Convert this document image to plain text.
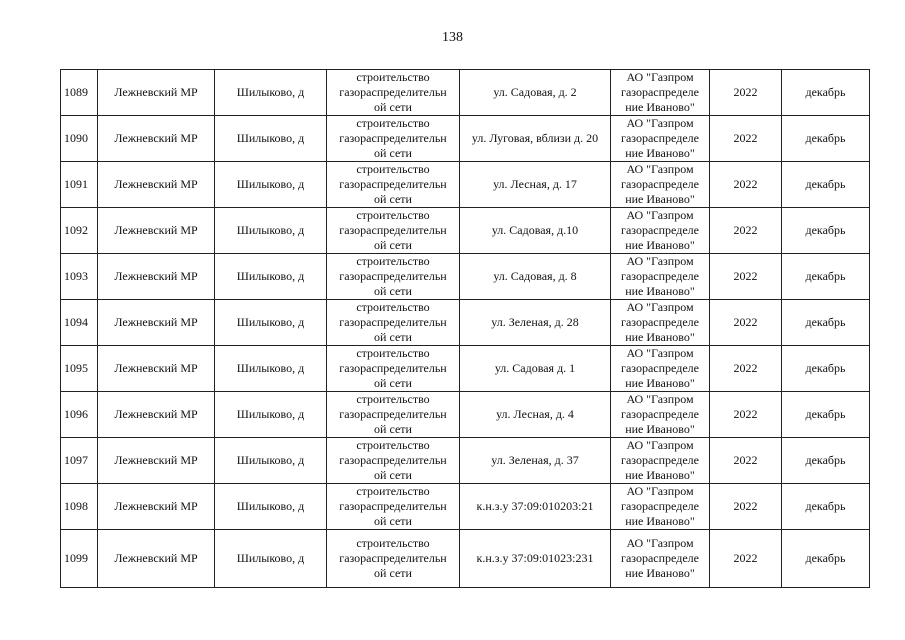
138
1089	Лежневский МР	Шилыково, д	строительство
газораспределительн
ой сети	ул. Садовая, д. 2	АО "Газпром
газораспределе
ние Иваново"	2022	декабрь
1090	Лежневский МР	Шилыково, д	строительство
газораспределительн
ой сети	ул. Луговая, вблизи д. 20	АО "Газпром
газораспределе
ние Иваново"	2022	декабрь
1091	Лежневский МР	Шилыково, д	строительство
газораспределительн
ой сети	ул. Лесная, д. 17	АО "Газпром
газораспределе
ние Иваново"	2022	декабрь
1092	Лежневский МР	Шилыково, д	строительство
газораспределительн
ой сети	ул. Садовая, д.10	АО "Газпром
газораспределе
ние Иваново"	2022	декабрь
1093	Лежневский МР	Шилыково, д	строительство
газораспределительн
ой сети	ул. Садовая, д. 8	АО "Газпром
газораспределе
ние Иваново"	2022	декабрь
1094	Лежневский МР	Шилыково, д	строительство
газораспределительн
ой сети	ул. Зеленая, д. 28	АО "Газпром
газораспределе
ние Иваново"	2022	декабрь
1095	Лежневский МР	Шилыково, д	строительство
газораспределительн
ой сети	ул. Садовая д. 1	АО "Газпром
газораспределе
ние Иваново"	2022	декабрь
1096	Лежневский МР	Шилыково, д	строительство
газораспределительн
ой сети	ул. Лесная, д. 4	АО "Газпром
газораспределе
ние Иваново"	2022	декабрь
1097	Лежневский МР	Шилыково, д	строительство
газораспределительн
ой сети	ул. Зеленая, д. 37	АО "Газпром
газораспределе
ние Иваново"	2022	декабрь
1098	Лежневский МР	Шилыково, д	строительство
газораспределительн
ой сети	к.н.з.у 37:09:010203:21	АО "Газпром
газораспределе
ние Иваново"	2022	декабрь
1099	Лежневский МР	Шилыково, д	строительство
газораспределительн
ой сети	к.н.з.у 37:09:01023:231	АО "Газпром
газораспределе
ние Иваново"	2022	декабрь
